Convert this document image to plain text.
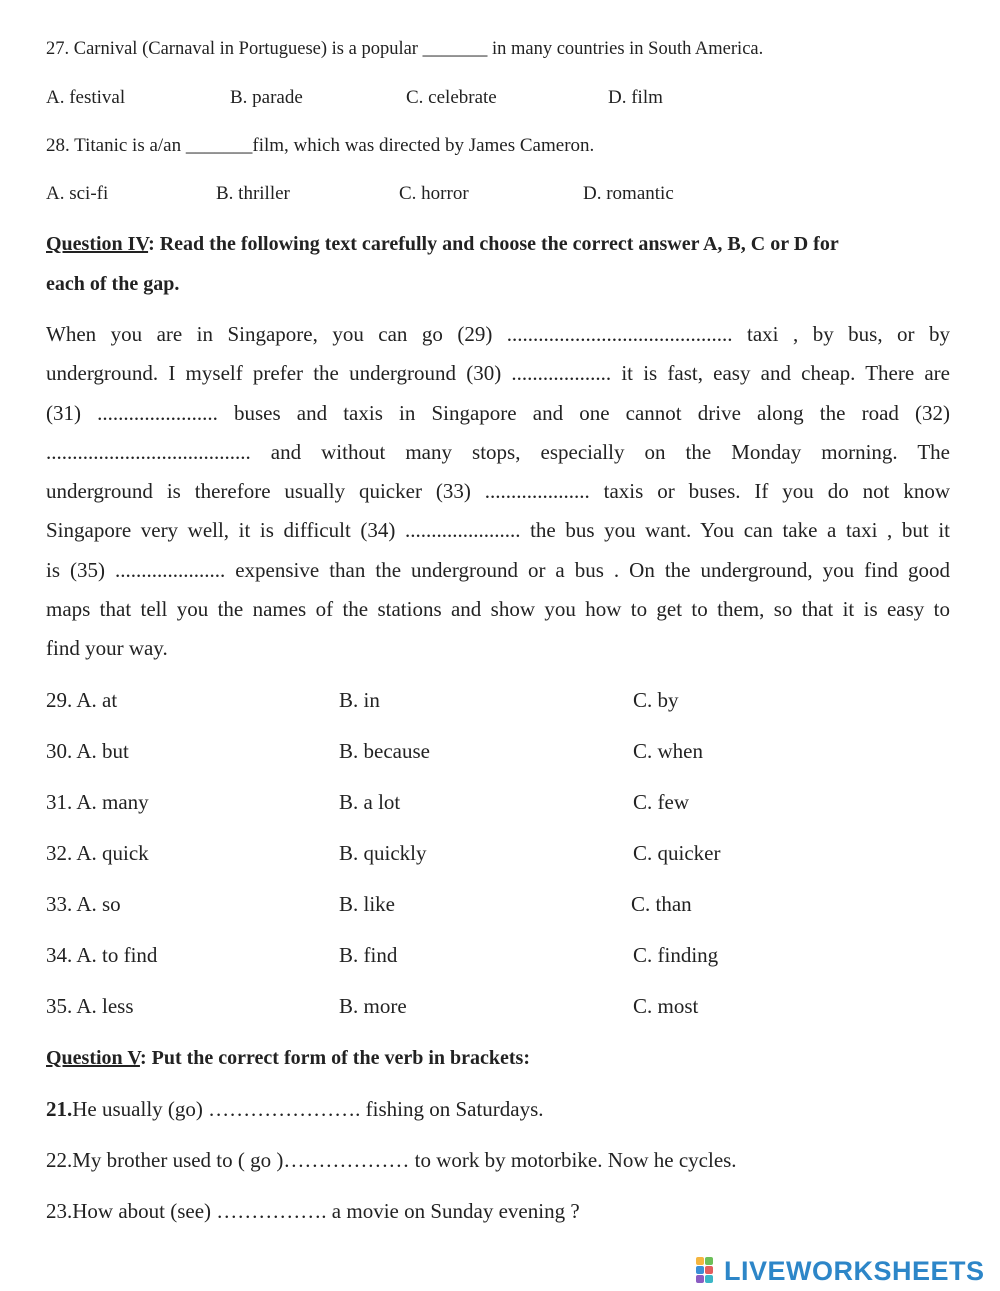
27. Carnival (Carnaval in Portuguese) is a popular _______ in many countries in South America.
A. festival	B. parade	C. celebrate	D. film
28. Titanic is a/an _______film, which was directed by James Cameron.
A. sci-fi	B. thriller	C. horror	D. romantic
Question IV: Read the following text carefully and choose the correct answer A, B, C or D for
each of the gap.
When you are in Singapore, you can go (29) ........................................... taxi , by bus, or by
underground. I myself prefer the underground (30) ................... it is fast, easy and cheap. There are
(31) ....................... buses and taxis in Singapore and one cannot drive along the road (32)
....................................... and without many stops, especially on the Monday morning. The
underground is therefore usually quicker (33) .................... taxis or buses. If you do not know
Singapore very well, it is difficult (34) ...................... the bus you want. You can take a taxi , but it
is (35) ..................... expensive than the underground or a bus . On the underground, you find good
maps that tell you the names of the stations and show you how to get to them, so that it is easy to
find your way.
29. A. at	B. in	C. by
30. A. but	B. because	C. when
31. A. many	B. a lot	C. few
32. A. quick	B. quickly	C. quicker
33. A. so	B. like	C. than
34. A. to find	B. find	C. finding
35. A. less	B. more	C. most
Question V: Put the correct form of the verb in brackets:
21.He usually (go) …………………. fishing on Saturdays.
22.My brother used to ( go )……………… to work by motorbike. Now he cycles.
23.How about (see) ……………. a movie on Sunday evening ?
LIVEWORKSHEETS
